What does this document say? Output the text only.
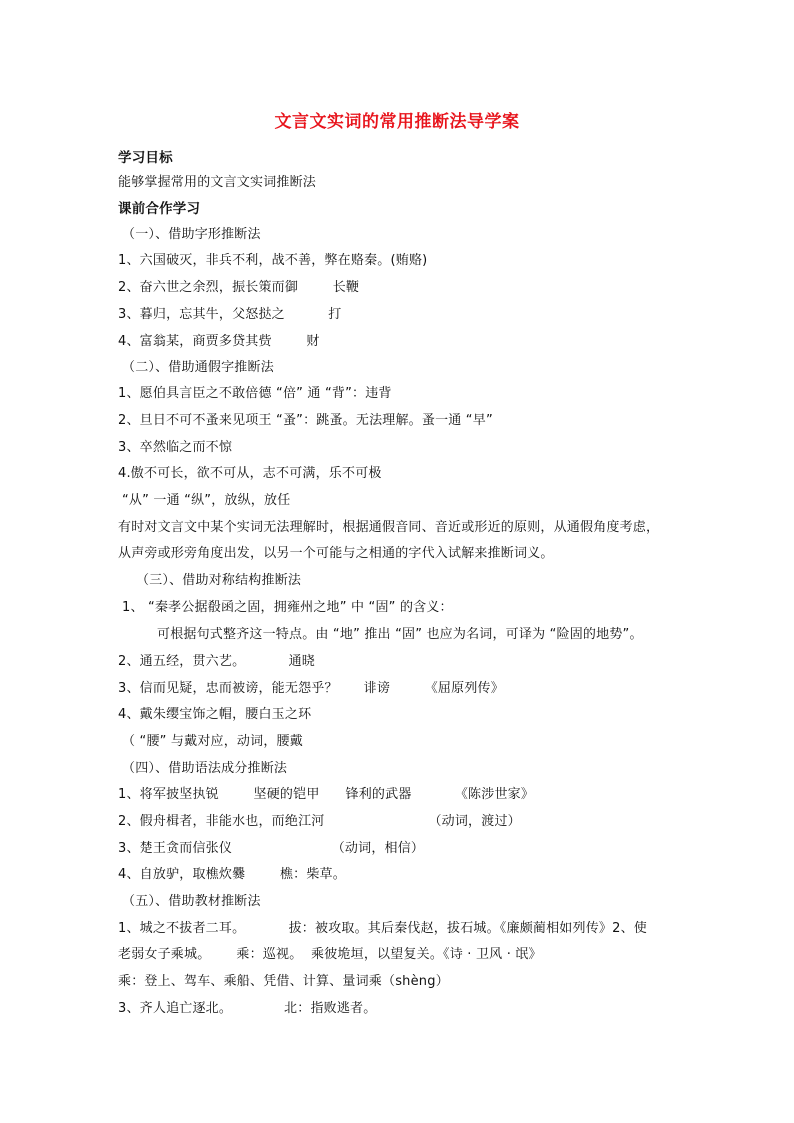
文言文实词的常用推断法导学案
学习目标
能够掌握常用的文言文实词推断法
课前合作学习
（一）、借助字形推断法
1、六国破灭，非兵不利，战不善，弊在赂秦。(贿赂)
2、奋六世之余烈，振长策而御        长鞭
3、暮归，忘其牛，父怒挞之          打
4、富翁某，商贾多贷其赀        财
（二）、借助通假字推断法
1、愿伯具言臣之不敢倍德 “倍” 通 “背”：违背
2、旦日不可不蚤来见项王 “蚤”：跳蚤。无法理解。蚤一通 “早”
3、卒然临之而不惊
4.傲不可长，欲不可从，志不可满，乐不可极
“从” 一通 “纵”，放纵，放任
有时对文言文中某个实词无法理解时，根据通假音同、音近或形近的原则，从通假角度考虑，
从声旁或形旁角度出发，以另一个可能与之相通的字代入试解来推断词义。
（三）、借助对称结构推断法
1、 “秦孝公据殽函之固，拥雍州之地” 中 “固” 的含义：
可根据句式整齐这一特点。由 “地” 推出 “固” 也应为名词，可译为 “险固的地势”。
2、通五经，贯六艺。          通晓
3、信而见疑，忠而被谤，能无怨乎？      诽谤        《屈原列传》
4、戴朱缨宝饰之帽，腰白玉之环
（ “腰” 与戴对应，动词，腰戴
（四）、借助语法成分推断法
1、将军披坚执锐        坚硬的铠甲      锋利的武器          《陈涉世家》
2、假舟楫者，非能水也，而绝江河                        （动词，渡过）
3、楚王贪而信张仪                       （动词，相信）
4、自放驴，取樵炊爨        樵：柴草。
（五）、借助教材推断法
1、城之不拔者二耳。          拔：被攻取。其后秦伐赵，拔石城。《廉颇蔺相如列传》2、使
老弱女子乘城。      乘：巡视。  乘彼垝垣，以望复关。《诗 · 卫风 · 氓》
乘：登上、驾车、乘船、凭借、计算、量词乘（shèng）
3、齐人追亡逐北。            北：指败逃者。
